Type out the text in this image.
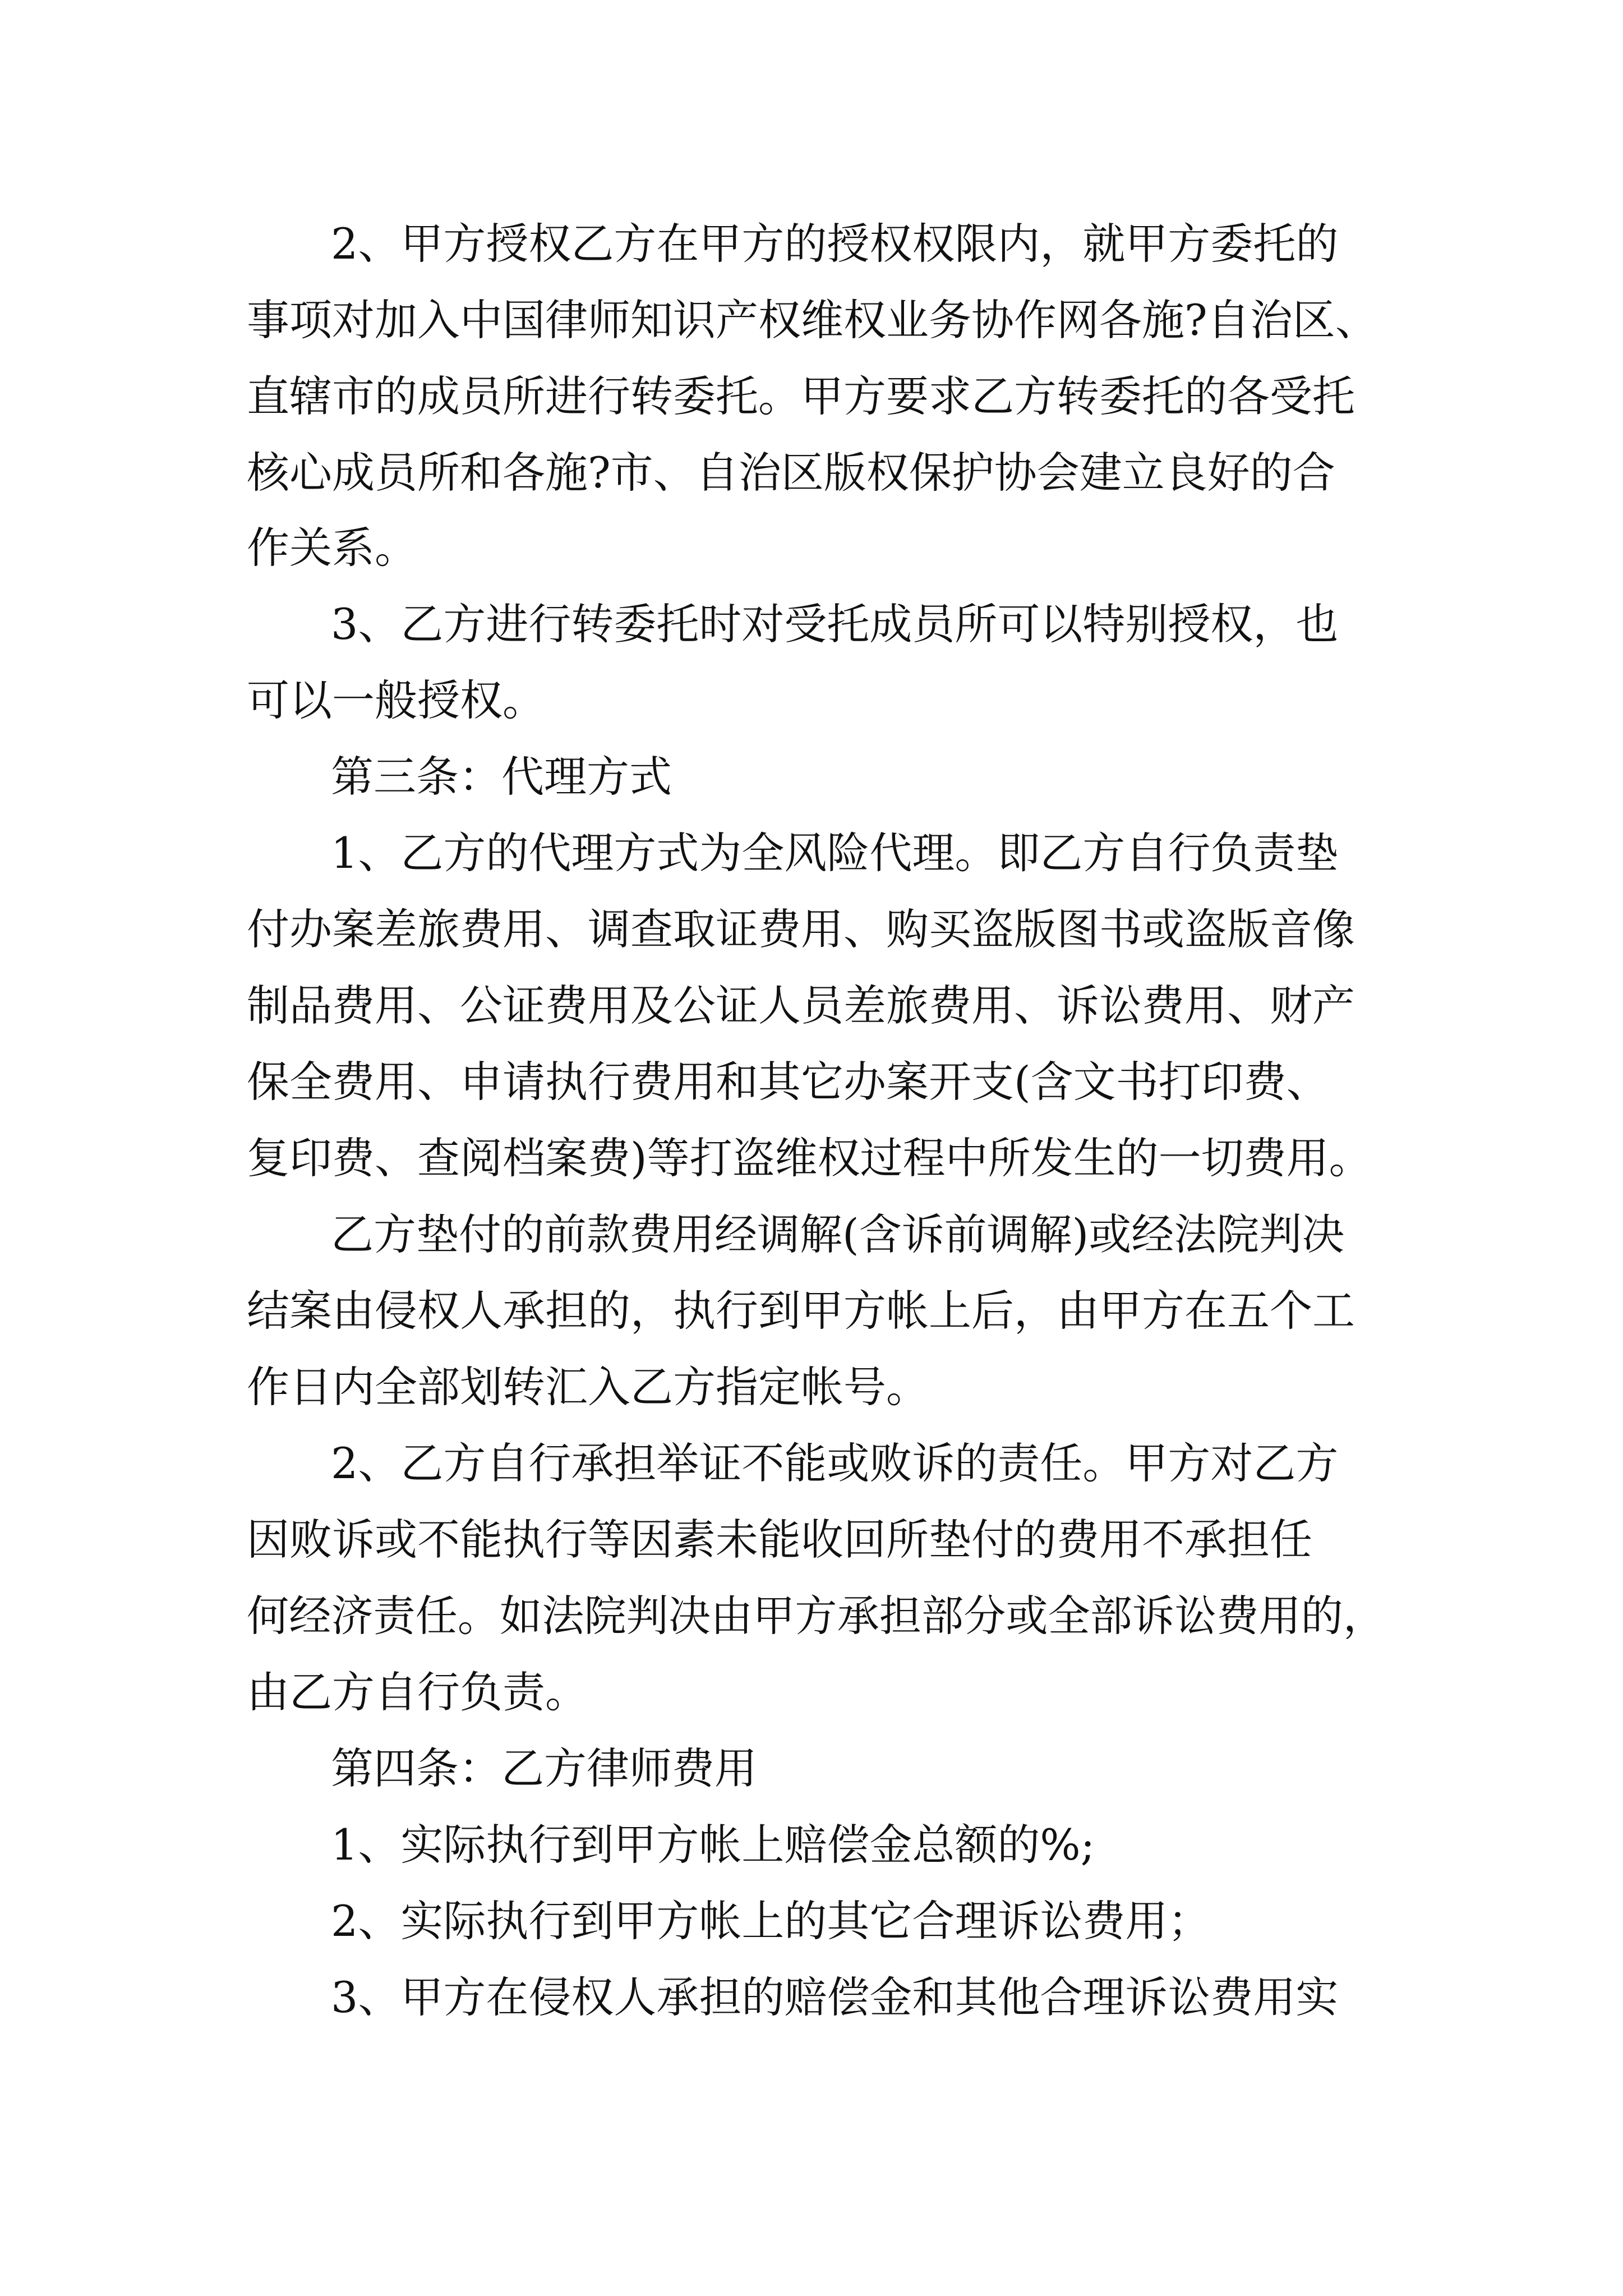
2、甲方授权乙方在甲方的授权权限内，就甲方委托的
事项对加入中国律师知识产权维权业务协作网各施?自治区、
直辖市的成员所进行转委托。甲方要求乙方转委托的各受托
核心成员所和各施?市、自治区版权保护协会建立良好的合
作关系。
3、乙方进行转委托时对受托成员所可以特别授权，也
可以一般授权。
第三条：代理方式
1、乙方的代理方式为全风险代理。即乙方自行负责垫
付办案差旅费用、调查取证费用、购买盗版图书或盗版音像
制品费用、公证费用及公证人员差旅费用、诉讼费用、财产
保全费用、申请执行费用和其它办案开支(含文书打印费、
复印费、查阅档案费)等打盗维权过程中所发生的一切费用。
乙方垫付的前款费用经调解(含诉前调解)或经法院判决
结案由侵权人承担的，执行到甲方帐上后，由甲方在五个工
作日内全部划转汇入乙方指定帐号。
2、乙方自行承担举证不能或败诉的责任。甲方对乙方
因败诉或不能执行等因素未能收回所垫付的费用不承担任
何经济责任。如法院判决由甲方承担部分或全部诉讼费用的，
由乙方自行负责。
第四条：乙方律师费用
1、实际执行到甲方帐上赔偿金总额的%;
2、实际执行到甲方帐上的其它合理诉讼费用；
3、甲方在侵权人承担的赔偿金和其他合理诉讼费用实
